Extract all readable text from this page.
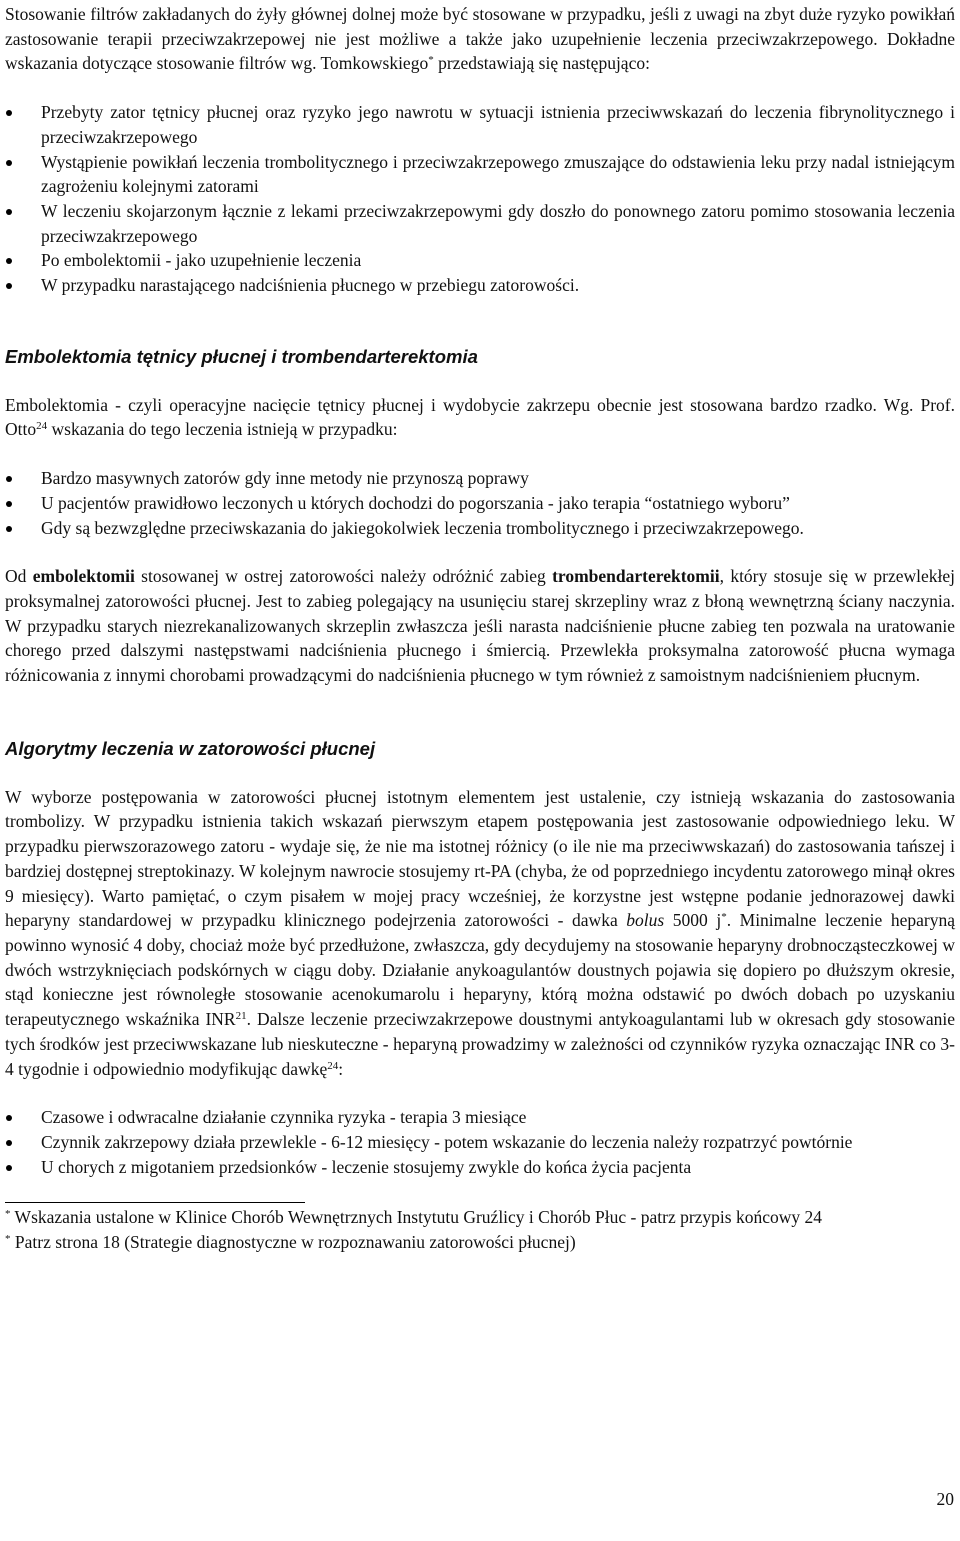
Stosowanie filtrów zakładanych do żyły głównej dolnej może być stosowane w przypadku, jeśli z uwagi na zbyt duże ryzyko powikłań zastosowanie terapii przeciwzakrzepowej nie jest możliwe a także jako uzupełnienie leczenia przeciwzakrzepowego. Dokładne wskazania dotyczące stosowanie filtrów wg. Tomkowskiego* przedstawiają się następująco:

Przebyty zator tętnicy płucnej oraz ryzyko jego nawrotu w sytuacji istnienia przeciwwskazań do leczenia fibrynolitycznego i przeciwzakrzepowego
Wystąpienie powikłań leczenia trombolitycznego i przeciwzakrzepowego zmuszające do odstawienia leku przy nadal istniejącym zagrożeniu kolejnymi zatorami
W leczeniu skojarzonym łącznie z lekami przeciwzakrzepowymi gdy doszło do ponownego zatoru pomimo stosowania leczenia przeciwzakrzepowego
Po embolektomii - jako uzupełnienie leczenia
W przypadku narastającego nadciśnienia płucnego w przebiegu zatorowości.
Embolektomia tętnicy płucnej i trombendarterektomia

Embolektomia - czyli operacyjne nacięcie tętnicy płucnej i wydobycie zakrzepu obecnie jest stosowana bardzo rzadko. Wg. Prof. Otto$^{24}$ wskazania do tego leczenia istnieją w przypadku:

Bardzo masywnych zatorów gdy inne metody nie przynoszą poprawy
U pacjentów prawidłowo leczonych u których dochodzi do pogorszania - jako terapia “ostatniego wyboru”
Gdy są bezwzględne przeciwskazania do jakiegokolwiek leczenia trombolitycznego i przeciwzakrzepowego.

Od embolektomii stosowanej w ostrej zatorowości należy odróżnić zabieg trombendarterektomii, który stosuje się w przewlekłej proksymalnej zatorowości płucnej. Jest to zabieg polegający na usunięciu starej skrzepliny wraz z błoną wewnętrzną ściany naczynia. W przypadku starych niezrekanalizowanych skrzeplin zwłaszcza jeśli narasta nadciśnienie płucne zabieg ten pozwala na uratowanie chorego przed dalszymi następstwami nadciśnienia płucnego i śmiercią. Przewlekła proksymalna zatorowość płucna wymaga różnicowania z innymi chorobami prowadzącymi do nadciśnienia płucnego w tym również z samoistnym nadciśnieniem płucnym.

Algorytmy leczenia w zatorowości płucnej

W wyborze postępowania w zatorowości płucnej istotnym elementem jest ustalenie, czy istnieją wskazania do zastosowania trombolizy. W przypadku istnienia takich wskazań pierwszym etapem postępowania jest zastosowanie odpowiedniego leku. W przypadku pierwszorazowego zatoru - wydaje się, że nie ma istotnej różnicy (o ile nie ma przeciwwskazań) do zastosowania tańszej i bardziej dostępnej streptokinazy. W kolejnym nawrocie stosujemy rt-PA (chyba, że od poprzedniego incydentu zatorowego minął okres 9 miesięcy). Warto pamiętać, o czym pisałem w mojej pracy wcześniej, że korzystne jest wstępne podanie jednorazowej dawki heparyny standardowej w przypadku klinicznego podejrzenia zatorowości - dawka bolus 5000 j*. Minimalne leczenie heparyną powinno wynosić 4 doby, chociaż może być przedłużone, zwłaszcza, gdy decydujemy na stosowanie heparyny drobnocząsteczkowej w dwóch wstrzyknięciach podskórnych w ciągu doby. Działanie anykoagulantów doustnych pojawia się dopiero po dłuższym okresie, stąd konieczne jest równoległe stosowanie acenokumarolu i heparyny, którą można odstawić po dwóch dobach po uzyskaniu terapeutycznego wskaźnika INR$^{21}$. Dalsze leczenie przeciwzakrzepowe doustnymi antykoagulantami lub w okresach gdy stosowanie tych środków jest przeciwwskazane lub nieskuteczne - heparyną prowadzimy w zależności od czynników ryzyka oznaczając INR co 3-4 tygodnie i odpowiednio modyfikując dawkę$^{24}$:

Czasowe i odwracalne działanie czynnika ryzyka - terapia 3 miesiące
Czynnik zakrzepowy działa przewlekle - 6-12 miesięcy - potem wskazanie do leczenia należy rozpatrzyć powtórnie
U chorych z migotaniem przedsionków - leczenie stosujemy zwykle do końca życia pacjenta

* Wskazania ustalone w Klinice Chorób Wewnętrznych Instytutu Gruźlicy i Chorób Płuc - patrz przypis końcowy 24

* Patrz strona 18 (Strategie diagnostyczne w rozpoznawaniu zatorowości płucnej)

20
